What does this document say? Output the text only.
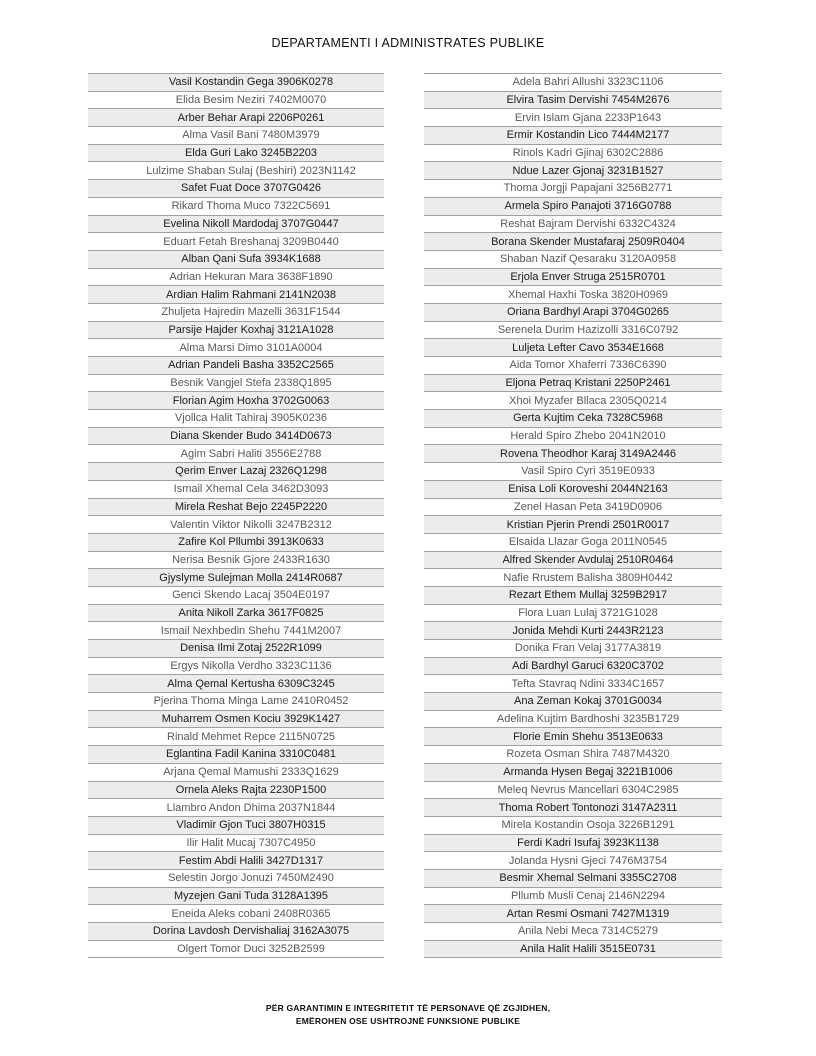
DEPARTAMENTI I ADMINISTRATES PUBLIKE
Vasil Kostandin Gega 3906K0278
Elida Besim Neziri 7402M0070
Arber Behar Arapi 2206P0261
Alma Vasil Bani 7480M3979
Elda Guri Lako 3245B2203
Lulzime Shaban Sulaj (Beshiri) 2023N1142
Safet Fuat Doce 3707G0426
Rikard Thoma Muco 7322C5691
Evelina Nikoll Mardodaj 3707G0447
Eduart Fetah Breshanaj 3209B0440
Alban Qani Sufa 3934K1688
Adrian Hekuran Mara 3638F1890
Ardian Halim Rahmani 2141N2038
Zhuljeta Hajredin Mazelli 3631F1544
Parsije Hajder Koxhaj 3121A1028
Alma Marsi Dimo 3101A0004
Adrian Pandeli Basha 3352C2565
Besnik Vangjel Stefa 2338Q1895
Florian Agim Hoxha 3702G0063
Vjollca Halit Tahiraj 3905K0236
Diana Skender Budo 3414D0673
Agim Sabri Haliti 3556E2788
Qerim Enver Lazaj 2326Q1298
Ismail Xhemal Cela 3462D3093
Mirela Reshat Bejo 2245P2220
Valentin Viktor Nikolli 3247B2312
Zafire Kol Pllumbi 3913K0633
Nerisa Besnik Gjore 2433R1630
Gjyslyme Sulejman Molla 2414R0687
Genci Skendo Lacaj 3504E0197
Anita Nikoll Zarka 3617F0825
Ismail Nexhbedin Shehu 7441M2007
Denisa Ilmi Zotaj 2522R1099
Ergys Nikolla Verdho 3323C1136
Alma Qemal Kertusha 6309C3245
Pjerina Thoma Minga Lame 2410R0452
Muharrem Osmen Kociu 3929K1427
Rinald Mehmet Repce 2115N0725
Eglantina Fadil Kanina 3310C0481
Arjana Qemal Mamushi 2333Q1629
Ornela Aleks Rajta 2230P1500
Llambro Andon Dhima 2037N1844
Vladimir Gjon Tuci 3807H0315
Ilir Halit Mucaj 7307C4950
Festim Abdi Halili 3427D1317
Selestin Jorgo Jonuzi 7450M2490
Myzejen Gani Tuda 3128A1395
Eneida Aleks cobani 2408R0365
Dorina Lavdosh Dervishaliaj 3162A3075
Olgert Tomor Duci 3252B2599
Adela Bahri Allushi 3323C1106
Elvira Tasim Dervishi 7454M2676
Ervin Islam Gjana 2233P1643
Ermir Kostandin Lico 7444M2177
Rinols Kadri Gjinaj 6302C2886
Ndue Lazer Gjonaj 3231B1527
Thoma Jorgji Papajani 3256B2771
Armela Spiro Panajoti 3716G0788
Reshat Bajram Dervishi 6332C4324
Borana Skender Mustafaraj 2509R0404
Shaban Nazif Qesaraku 3120A0958
Erjola Enver Struga 2515R0701
Xhemal Haxhi Toska 3820H0969
Oriana Bardhyl Arapi 3704G0265
Serenela Durim Hazizolli 3316C0792
Luljeta Lefter Cavo 3534E1668
Aida Tomor Xhaferri 7336C6390
Eljona Petraq Kristani 2250P2461
Xhoi Myzafer Bllaca 2305Q0214
Gerta Kujtim Ceka 7328C5968
Herald Spiro Zhebo 2041N2010
Rovena Theodhor Karaj 3149A2446
Vasil Spiro Cyri 3519E0933
Enisa Loli Koroveshi 2044N2163
Zenel Hasan Peta 3419D0906
Kristian Pjerin Prendi 2501R0017
Elsaida Llazar Goga 2011N0545
Alfred Skender Avdulaj 2510R0464
Nafie Rrustem Balisha 3809H0442
Rezart Ethem Mullaj 3259B2917
Flora Luan Lulaj 3721G1028
Jonida Mehdi Kurti 2443R2123
Donika Fran Velaj 3177A3819
Adi Bardhyl Garuci 6320C3702
Tefta Stavraq Ndini 3334C1657
Ana Zeman Kokaj 3701G0034
Adelina Kujtim Bardhoshi 3235B1729
Florie Emin Shehu 3513E0633
Rozeta Osman Shira 7487M4320
Armanda Hysen Begaj 3221B1006
Meleq Nevrus Mancellari 6304C2985
Thoma Robert Tontonozi 3147A2311
Mirela Kostandin Osoja 3226B1291
Ferdi Kadri Isufaj 3923K1138
Jolanda Hysni Gjeci 7476M3754
Besmir Xhemal Selmani 3355C2708
Pllumb Musli Cenaj 2146N2294
Artan Resmi Osmani 7427M1319
Anila Nebi Meca 7314C5279
Anila Halit Halili 3515E0731
PËR GARANTIMIN E INTEGRITETIT TË PERSONAVE QË ZGJIDHEN,
EMËROHEN OSE USHTROJNË FUNKSIONE PUBLIKE
